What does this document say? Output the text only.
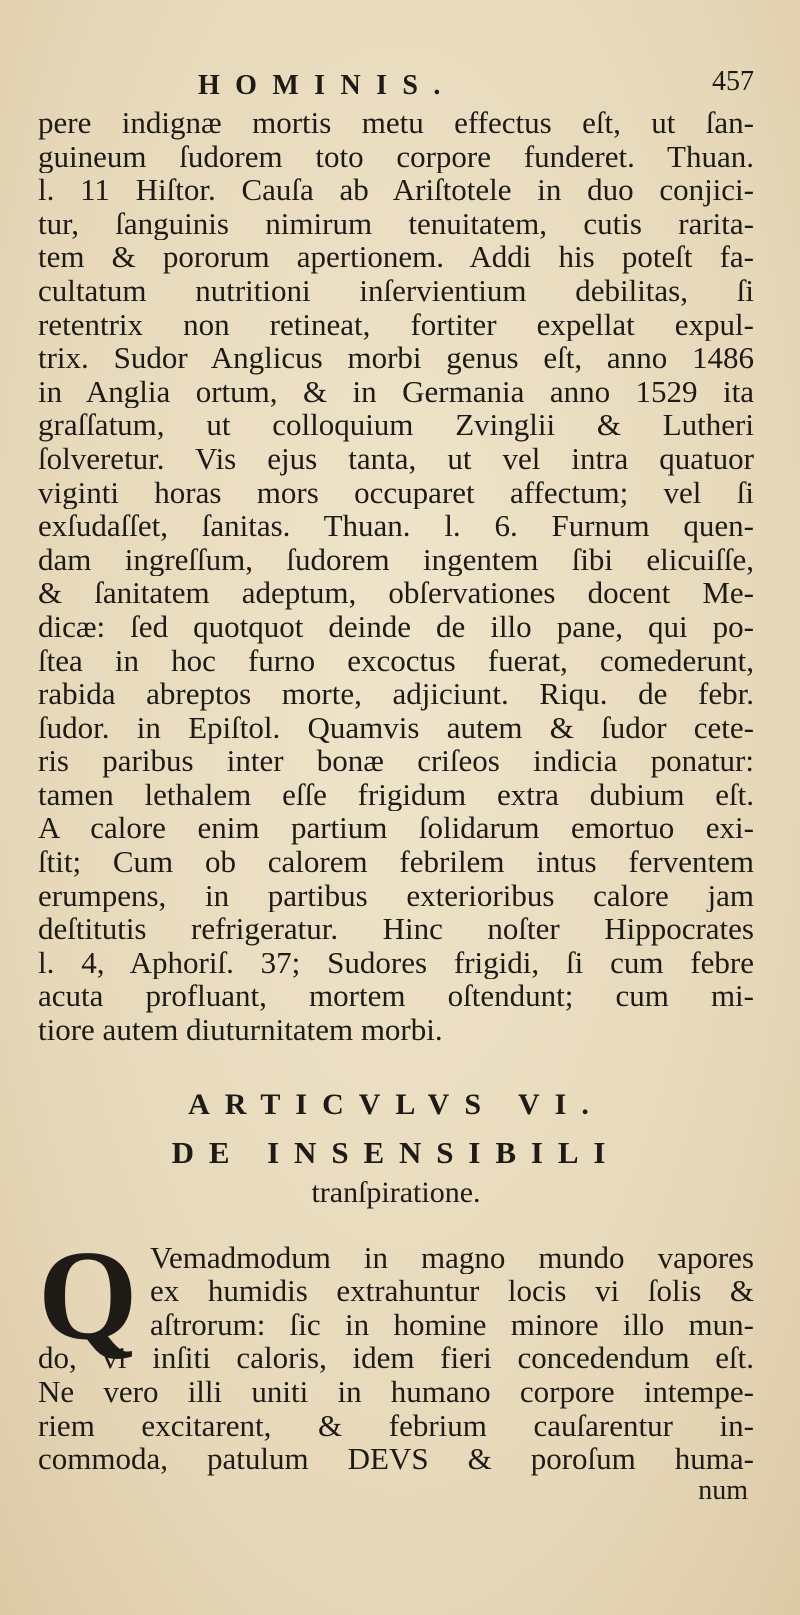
HOMINIS.	457
pere indignæ mortis metu effectus eſt, ut ſan-
guineum ſudorem toto corpore funderet. Thuan.
l. 11 Hiſtor. Cauſa ab Ariſtotele in duo conjici-
tur, ſanguinis nimirum tenuitatem, cutis rarita-
tem & pororum apertionem. Addi his poteſt fa-
cultatum nutritioni inſervientium debilitas, ſi
retentrix non retineat, fortiter expellat expul-
trix. Sudor Anglicus morbi genus eſt, anno 1486
in Anglia ortum, & in Germania anno 1529 ita
graſſatum, ut colloquium Zvinglii & Lutheri
ſolveretur. Vis ejus tanta, ut vel intra quatuor
viginti horas mors occuparet affectum; vel ſi
exſudaſſet, ſanitas. Thuan. l. 6. Furnum quen-
dam ingreſſum, ſudorem ingentem ſibi elicuiſſe,
& ſanitatem adeptum, obſervationes docent Me-
dicæ: ſed quotquot deinde de illo pane, qui po-
ſtea in hoc furno excoctus fuerat, comederunt,
rabida abreptos morte, adjiciunt. Riqu. de febr.
ſudor. in Epiſtol. Quamvis autem & ſudor cete-
ris paribus inter bonæ criſeos indicia ponatur:
tamen lethalem eſſe frigidum extra dubium eſt.
A calore enim partium ſolidarum emortuo exi-
ſtit; Cum ob calorem febrilem intus ferventem
erumpens, in partibus exterioribus calore jam
deſtitutis refrigeratur. Hinc noſter Hippocrates
l. 4, Aphoriſ. 37; Sudores frigidi, ſi cum febre
acuta profluant, mortem oſtendunt; cum mi-
tiore autem diuturnitatem morbi.
ARTICVLVS VI.
DE INSENSIBILI
tranſpiratione.
Q Vemadmodum in magno mundo vapores
ex humidis extrahuntur locis vi ſolis &
aſtrorum: ſic in homine minore illo mun-
do, vi inſiti caloris, idem fieri concedendum eſt.
Ne vero illi uniti in humano corpore intempe-
riem excitarent, & febrium cauſarentur in-
commoda, patulum DEVS & poroſum huma-
num
